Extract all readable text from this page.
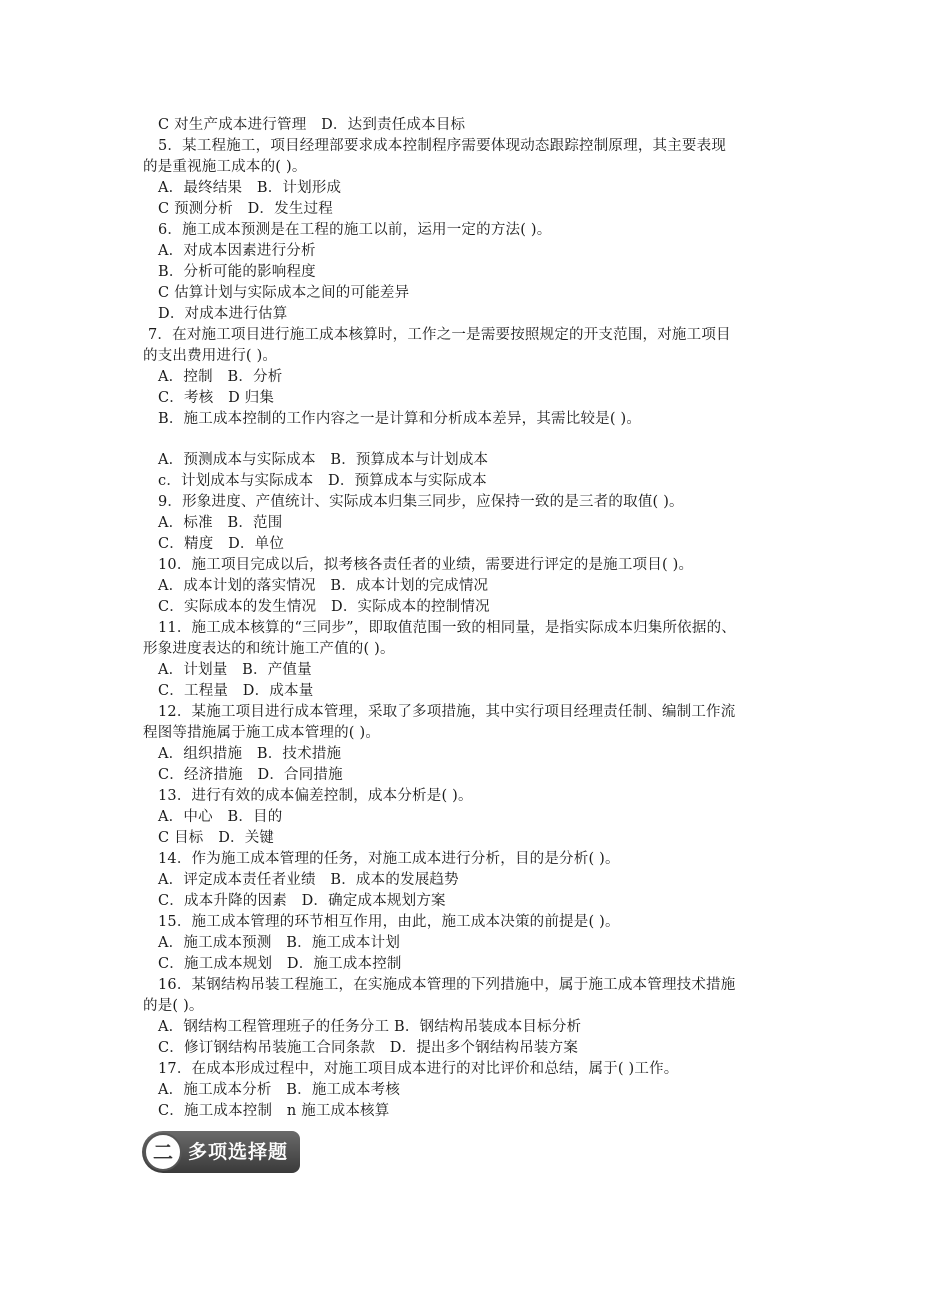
C 对生产成本进行管理　D．达到责任成本目标
5．某工程施工，项目经理部要求成本控制程序需要体现动态跟踪控制原理，其主要表现
的是重视施工成本的( )。
A．最终结果　B．计划形成
C 预测分析　D．发生过程
6．施工成本预测是在工程的施工以前，运用一定的方法( )。
A．对成本因素进行分析
B．分析可能的影响程度
C 估算计划与实际成本之间的可能差异
D．对成本进行估算
7．在对施工项目进行施工成本核算时，工作之一是需要按照规定的开支范围，对施工项目
的支出费用进行( )。
A．控制　B．分析
C．考核　D 归集
B．施工成本控制的工作内容之一是计算和分析成本差异，其需比较是( )。
A．预测成本与实际成本　B．预算成本与计划成本
c．计划成本与实际成本　D．预算成本与实际成本
9．形象进度、产值统计、实际成本归集三同步，应保持一致的是三者的取值( )。
A．标准　B．范围
C．精度　D．单位
10．施工项目完成以后，拟考核各责任者的业绩，需要进行评定的是施工项目( )。
A．成本计划的落实情况　B．成本计划的完成情况
C．实际成本的发生情况　D．实际成本的控制情况
11．施工成本核算的“三同步”，即取值范围一致的相同量，是指实际成本归集所依据的、
形象进度表达的和统计施工产值的( )。
A．计划量　B．产值量
C．工程量　D．成本量
12．某施工项目进行成本管理，采取了多项措施，其中实行项目经理责任制、编制工作流
程图等措施属于施工成本管理的( )。
A．组织措施　B．技术措施
C．经济措施　D．合同措施
13．进行有效的成本偏差控制，成本分析是( )。
A．中心　B．目的
C 目标　D．关键
14．作为施工成本管理的任务，对施工成本进行分析，目的是分析( )。
A．评定成本责任者业绩　B．成本的发展趋势
C．成本升降的因素　D．确定成本规划方案
15．施工成本管理的环节相互作用，由此，施工成本决策的前提是( )。
A．施工成本预测　B．施工成本计划
C．施工成本规划　D．施工成本控制
16．某钢结构吊装工程施工，在实施成本管理的下列措施中，属于施工成本管理技术措施
的是( )。
A．钢结构工程管理班子的任务分工 B．钢结构吊装成本目标分析
C．修订钢结构吊装施工合同条款　D．提出多个钢结构吊装方案
17．在成本形成过程中，对施工项目成本进行的对比评价和总结，属于( )工作。
A．施工成本分析　B．施工成本考核
C．施工成本控制　n 施工成本核算
二 多项选择题
